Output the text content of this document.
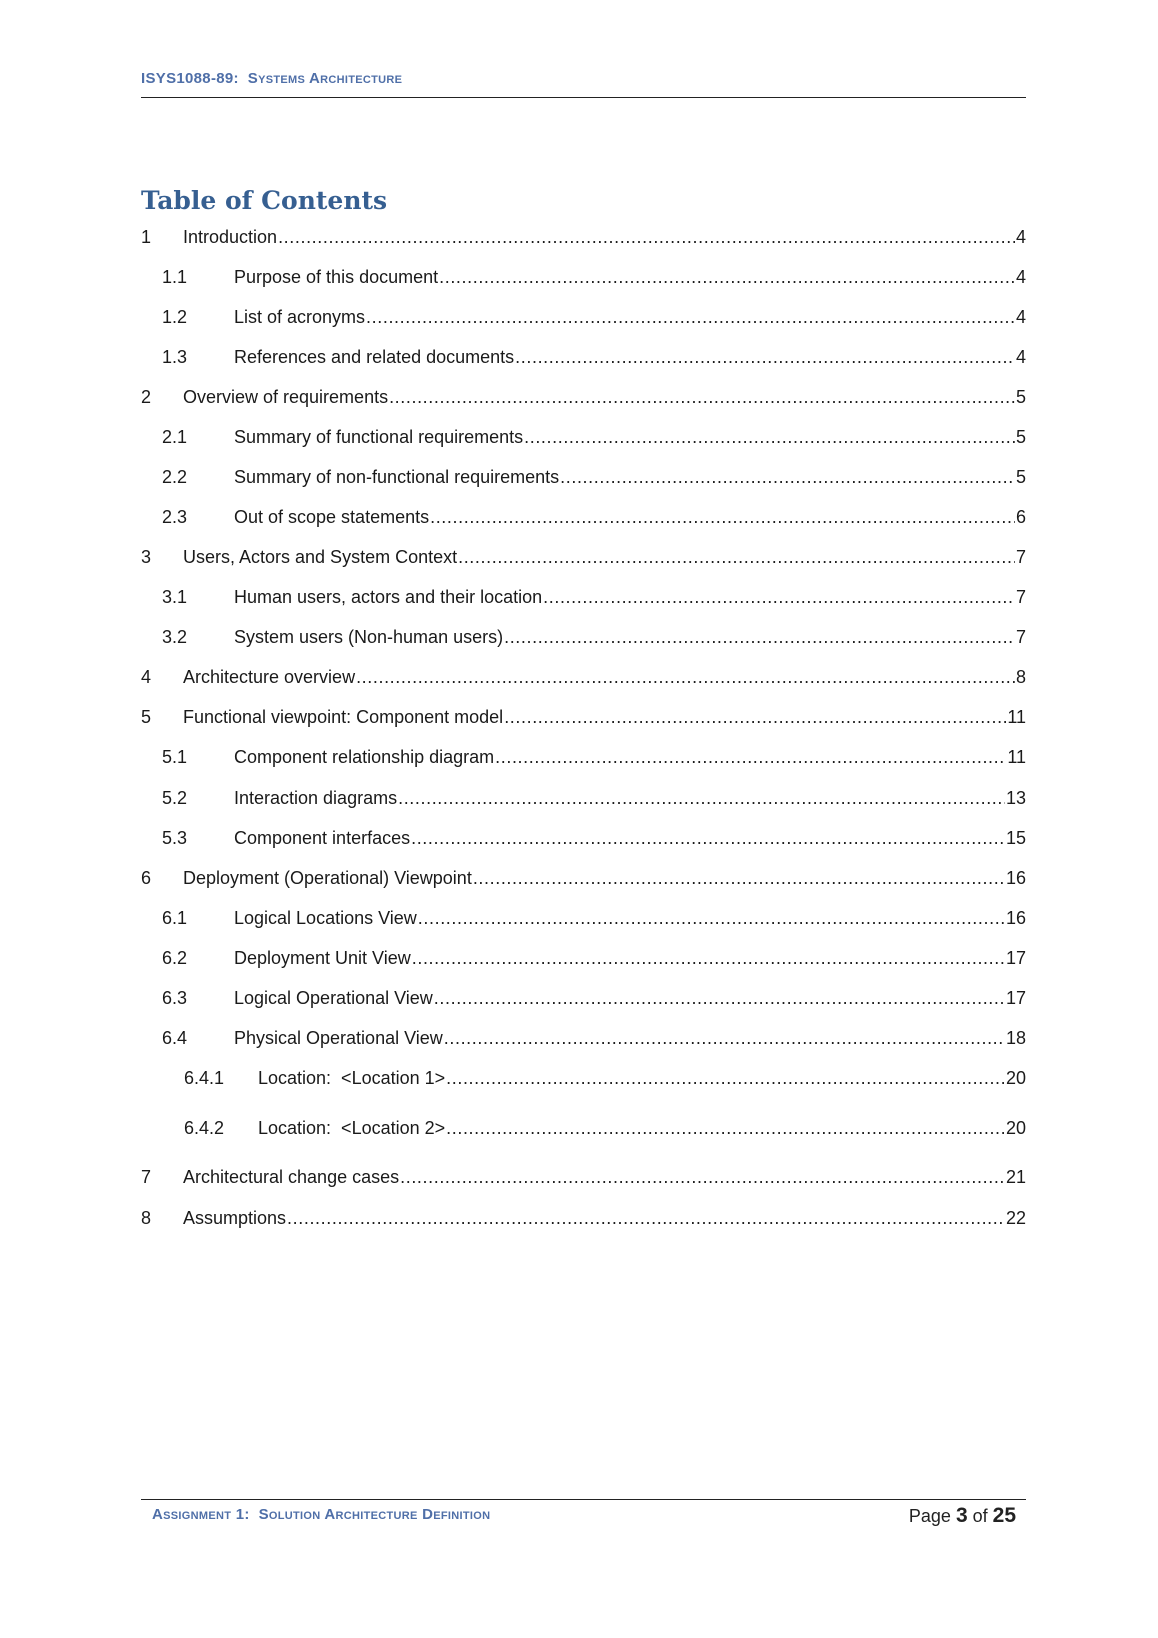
ISYS1088-89:  Systems Architecture
Table of Contents
1	Introduction .....	4
1.1	Purpose of this document .....	4
1.2	List of acronyms .....	4
1.3	References and related documents .....	4
2	Overview of requirements .....	5
2.1	Summary of functional requirements .....	5
2.2	Summary of non-functional requirements .....	5
2.3	Out of scope statements .....	6
3	Users, Actors and System Context .....	7
3.1	Human users, actors and their location .....	7
3.2	System users (Non-human users) .....	7
4	Architecture overview .....	8
5	Functional viewpoint: Component model .....	11
5.1	Component relationship diagram .....	11
5.2	Interaction diagrams .....	13
5.3	Component interfaces .....	15
6	Deployment (Operational) Viewpoint .....	16
6.1	Logical Locations View .....	16
6.2	Deployment Unit View .....	17
6.3	Logical Operational View .....	17
6.4	Physical Operational View .....	18
6.4.1	Location:  <Location 1> .....	20
6.4.2	Location:  <Location 2> .....	20
7	Architectural change cases .....	21
8	Assumptions .....	22
Assignment 1:  Solution Architecture Definition	Page 3 of 25
